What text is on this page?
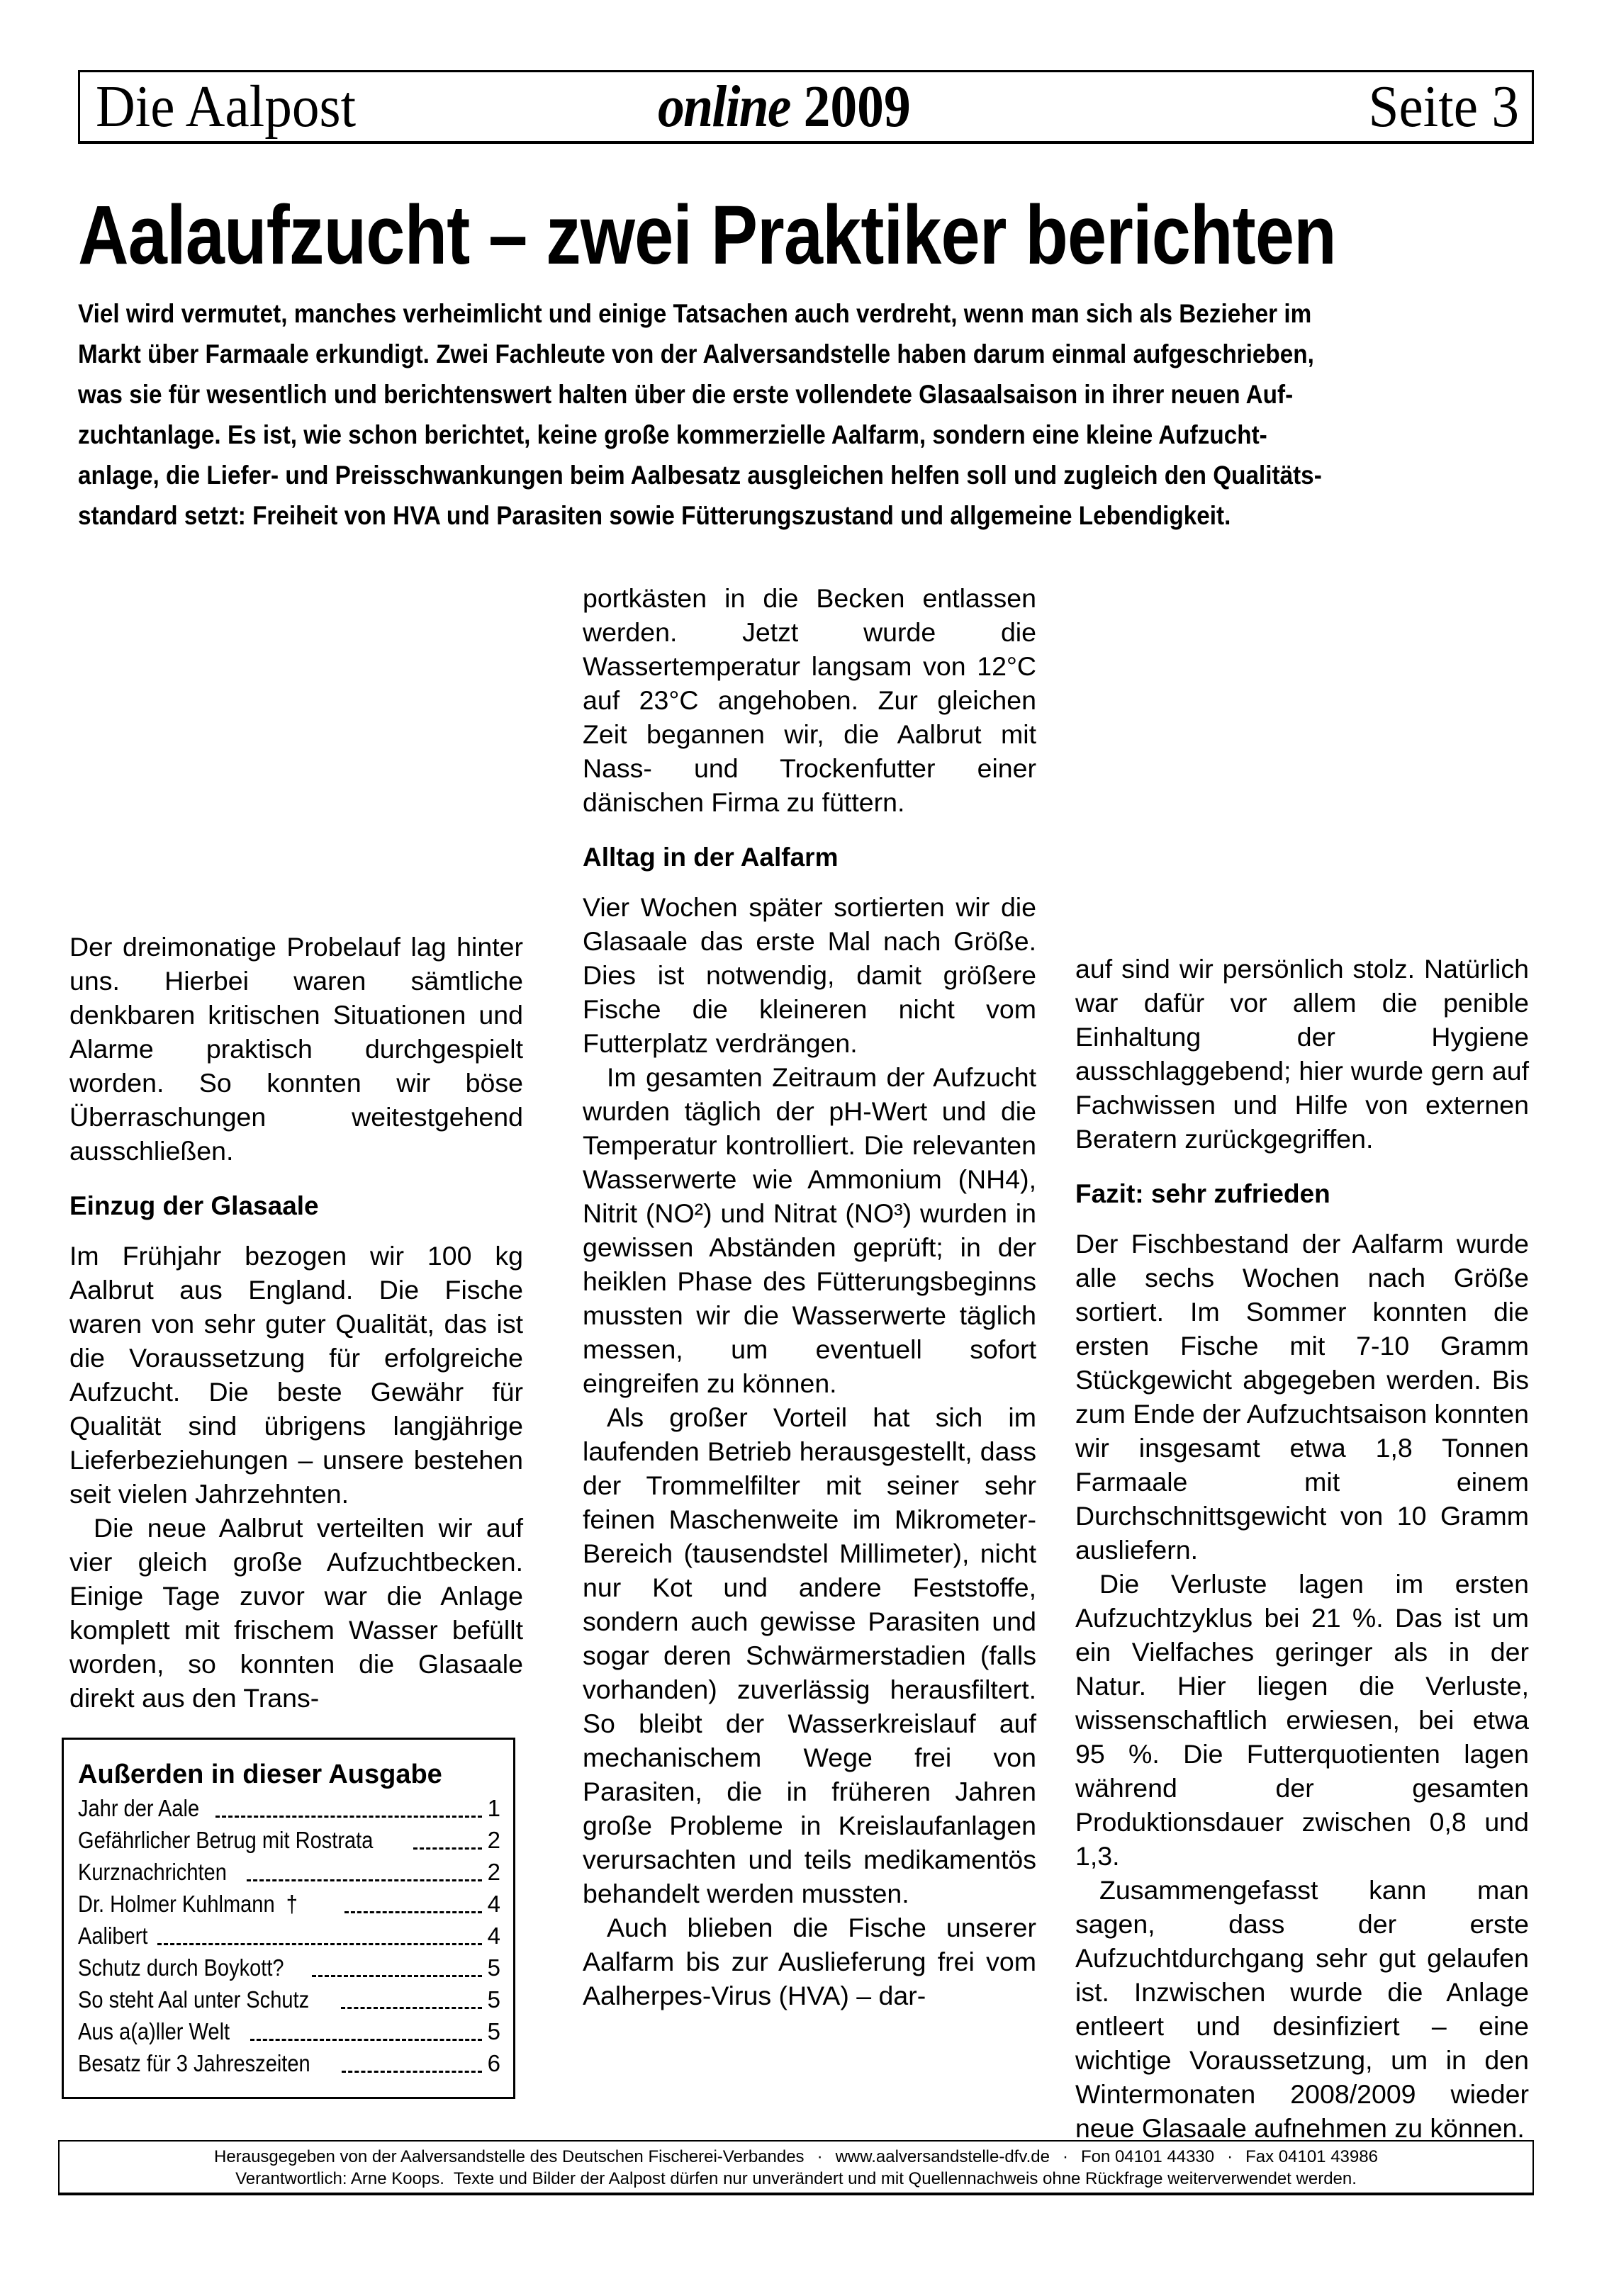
Die Aalpost	online 2009	Seite 3
Aalaufzucht – zwei Praktiker berichten
Viel wird vermutet, manches verheimlicht und einige Tatsachen auch verdreht, wenn man sich als Bezieher im
Markt über Farmaale erkundigt. Zwei Fachleute von der Aalversandstelle haben darum einmal aufgeschrieben,
was sie für wesentlich und berichtenswert halten über die erste vollendete Glasaalsaison in ihrer neuen Auf-
zuchtanlage. Es ist, wie schon berichtet, keine große kommerzielle Aalfarm, sondern eine kleine Aufzucht-
anlage, die Liefer- und Preisschwankungen beim Aalbesatz ausgleichen helfen soll und zugleich den Qualitäts-
standard setzt: Freiheit von HVA und Parasiten sowie Fütterungszustand und allgemeine Lebendigkeit.

Der dreimonatige Probelauf lag hinter uns. Hierbei waren sämtliche denkbaren kritischen Situationen und Alarme praktisch durchgespielt worden. So konnten wir böse Überraschungen weitestgehend ausschließen.

Einzug der Glasaale

Im Frühjahr bezogen wir 100 kg Aalbrut aus England. Die Fische waren von sehr guter Qualität, das ist die Voraussetzung für erfolgreiche Aufzucht. Die beste Gewähr für Qualität sind übrigens langjährige Lieferbeziehungen – unsere bestehen seit vielen Jahrzehnten.

Die neue Aalbrut verteilten wir auf vier gleich große Aufzuchtbecken. Einige Tage zuvor war die Anlage komplett mit frischem Wasser befüllt worden, so konnten die Glasaale direkt aus den Trans-

portkästen in die Becken entlassen werden. Jetzt wurde die Wassertemperatur langsam von 12°C auf 23°C angehoben. Zur gleichen Zeit begannen wir, die Aalbrut mit Nass- und Trockenfutter einer dänischen Firma zu füttern.

Alltag in der Aalfarm

Vier Wochen später sortierten wir die Glasaale das erste Mal nach Größe. Dies ist notwendig, damit größere Fische die kleineren nicht vom Futterplatz verdrängen.

Im gesamten Zeitraum der Aufzucht wurden täglich der pH-Wert und die Temperatur kontrolliert. Die relevanten Wasserwerte wie Ammonium (NH4), Nitrit (NO²) und Nitrat (NO³) wurden in gewissen Abständen geprüft; in der heiklen Phase des Fütterungsbeginns mussten wir die Wasserwerte täglich messen, um eventuell sofort eingreifen zu können.

Als großer Vorteil hat sich im laufenden Betrieb herausgestellt, dass der Trommelfilter mit seiner sehr feinen Maschenweite im Mikrometer-Bereich (tausendstel Millimeter), nicht nur Kot und andere Feststoffe, sondern auch gewisse Parasiten und sogar deren Schwärmerstadien (falls vorhanden) zuverlässig herausfiltert. So bleibt der Wasserkreislauf auf mechanischem Wege frei von Parasiten, die in früheren Jahren große Probleme in Kreislaufanlagen verursachten und teils medikamentös behandelt werden mussten.

Auch blieben die Fische unserer Aalfarm bis zur Auslieferung frei vom Aalherpes-Virus (HVA) – dar-

auf sind wir persönlich stolz. Natürlich war dafür vor allem die penible Einhaltung der Hygiene ausschlaggebend; hier wurde gern auf Fachwissen und Hilfe von externen Beratern zurückgegriffen.

Fazit: sehr zufrieden

Der Fischbestand der Aalfarm wurde alle sechs Wochen nach Größe sortiert. Im Sommer konnten die ersten Fische mit 7-10 Gramm Stückgewicht abgegeben werden. Bis zum Ende der Aufzuchtsaison konnten wir insgesamt etwa 1,8 Tonnen Farmaale mit einem Durchschnittsgewicht von 10 Gramm ausliefern.

Die Verluste lagen im ersten Aufzuchtzyklus bei 21 %. Das ist um ein Vielfaches geringer als in der Natur. Hier liegen die Verluste, wissenschaftlich erwiesen, bei etwa 95 %. Die Futterquotienten lagen während der gesamten Produktionsdauer zwischen 0,8 und 1,3.

Zusammengefasst kann man sagen, dass der erste Aufzuchtdurchgang sehr gut gelaufen ist. Inzwischen wurde die Anlage entleert und desinfiziert – eine wichtige Voraussetzung, um in den Wintermonaten 2008/2009 wieder neue Glasaale aufnehmen zu können.

Außerden in dieser Ausgabe
Jahr der Aale	1
Gefährlicher Betrug mit Rostrata	2
Kurznachrichten	2
Dr. Holmer Kuhlmann  †	4
Aalibert	4
Schutz durch Boykott?	5
So steht Aal unter Schutz	5
Aus a(a)ller Welt	5
Besatz für 3 Jahreszeiten	6
Herausgegeben von der Aalversandstelle des Deutschen Fischerei-Verbandes · www.aalversandstelle-dfv.de · Fon 04101 44330 · Fax 04101 43986
Verantwortlich: Arne Koops.  Texte und Bilder der Aalpost dürfen nur unverändert und mit Quellennachweis ohne Rückfrage weiterverwendet werden.
